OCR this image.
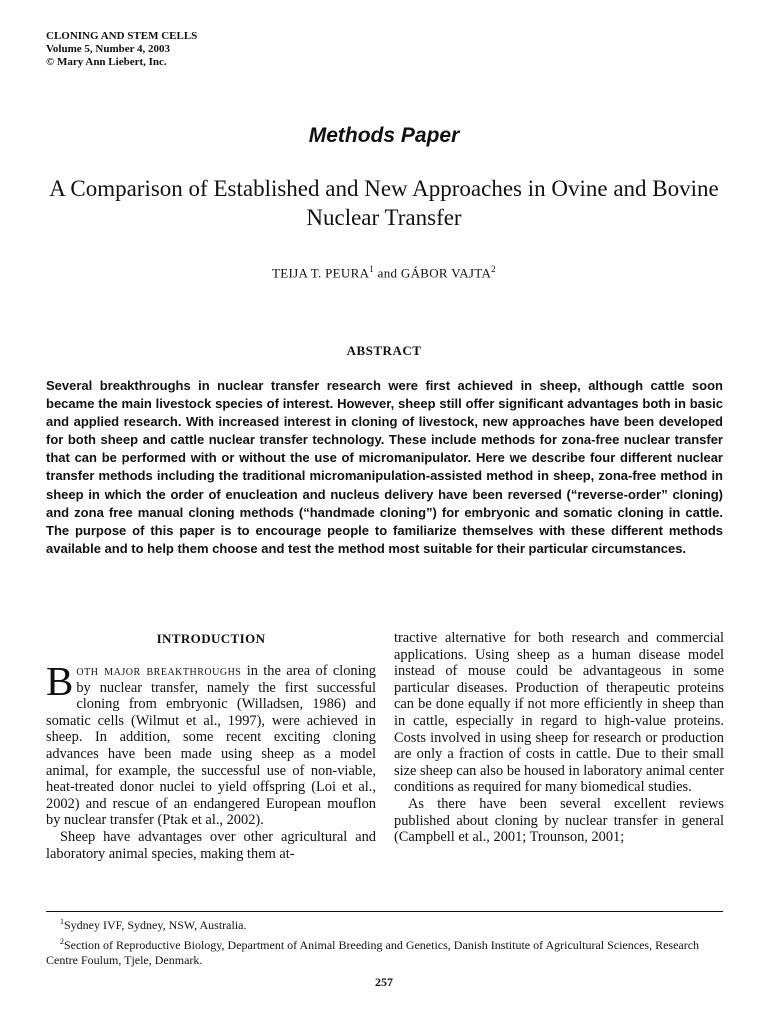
CLONING AND STEM CELLS
Volume 5, Number 4, 2003
© Mary Ann Liebert, Inc.
Methods Paper
A Comparison of Established and New Approaches in Ovine and Bovine Nuclear Transfer
TEIJA T. PEURA$^1$ and GÁBOR VAJTA$^2$
ABSTRACT
Several breakthroughs in nuclear transfer research were first achieved in sheep, although cattle soon became the main livestock species of interest. However, sheep still offer significant advantages both in basic and applied research. With increased interest in cloning of livestock, new approaches have been developed for both sheep and cattle nuclear transfer technology. These include methods for zona-free nuclear transfer that can be performed with or without the use of micromanipulator. Here we describe four different nuclear transfer methods including the traditional micromanipulation-assisted method in sheep, zona-free method in sheep in which the order of enucleation and nucleus delivery have been reversed (“reverse-order” cloning) and zona free manual cloning methods (“handmade cloning”) for embryonic and somatic cloning in cattle. The purpose of this paper is to encourage people to familiarize themselves with these different methods available and to help them choose and test the method most suitable for their particular circumstances.
INTRODUCTION

Both major breakthroughs in the area of cloning by nuclear transfer, namely the first successful cloning from embryonic (Willadsen, 1986) and somatic cells (Wilmut et al., 1997), were achieved in sheep. In addition, some recent exciting cloning advances have been made using sheep as a model animal, for example, the successful use of non-viable, heat-treated donor nuclei to yield offspring (Loi et al., 2002) and rescue of an endangered European mouflon by nuclear transfer (Ptak et al., 2002).

Sheep have advantages over other agricultural and laboratory animal species, making them at-

tractive alternative for both research and commercial applications. Using sheep as a human disease model instead of mouse could be advantageous in some particular diseases. Production of therapeutic proteins can be done equally if not more efficiently in sheep than in cattle, especially in regard to high-value proteins. Costs involved in using sheep for research or production are only a fraction of costs in cattle. Due to their small size sheep can also be housed in laboratory animal center conditions as required for many biomedical studies.

As there have been several excellent reviews published about cloning by nuclear transfer in general (Campbell et al., 2001; Trounson, 2001;

$^1$Sydney IVF, Sydney, NSW, Australia.

$^2$Section of Reproductive Biology, Department of Animal Breeding and Genetics, Danish Institute of Agricultural Sciences, Research Centre Foulum, Tjele, Denmark.

257
